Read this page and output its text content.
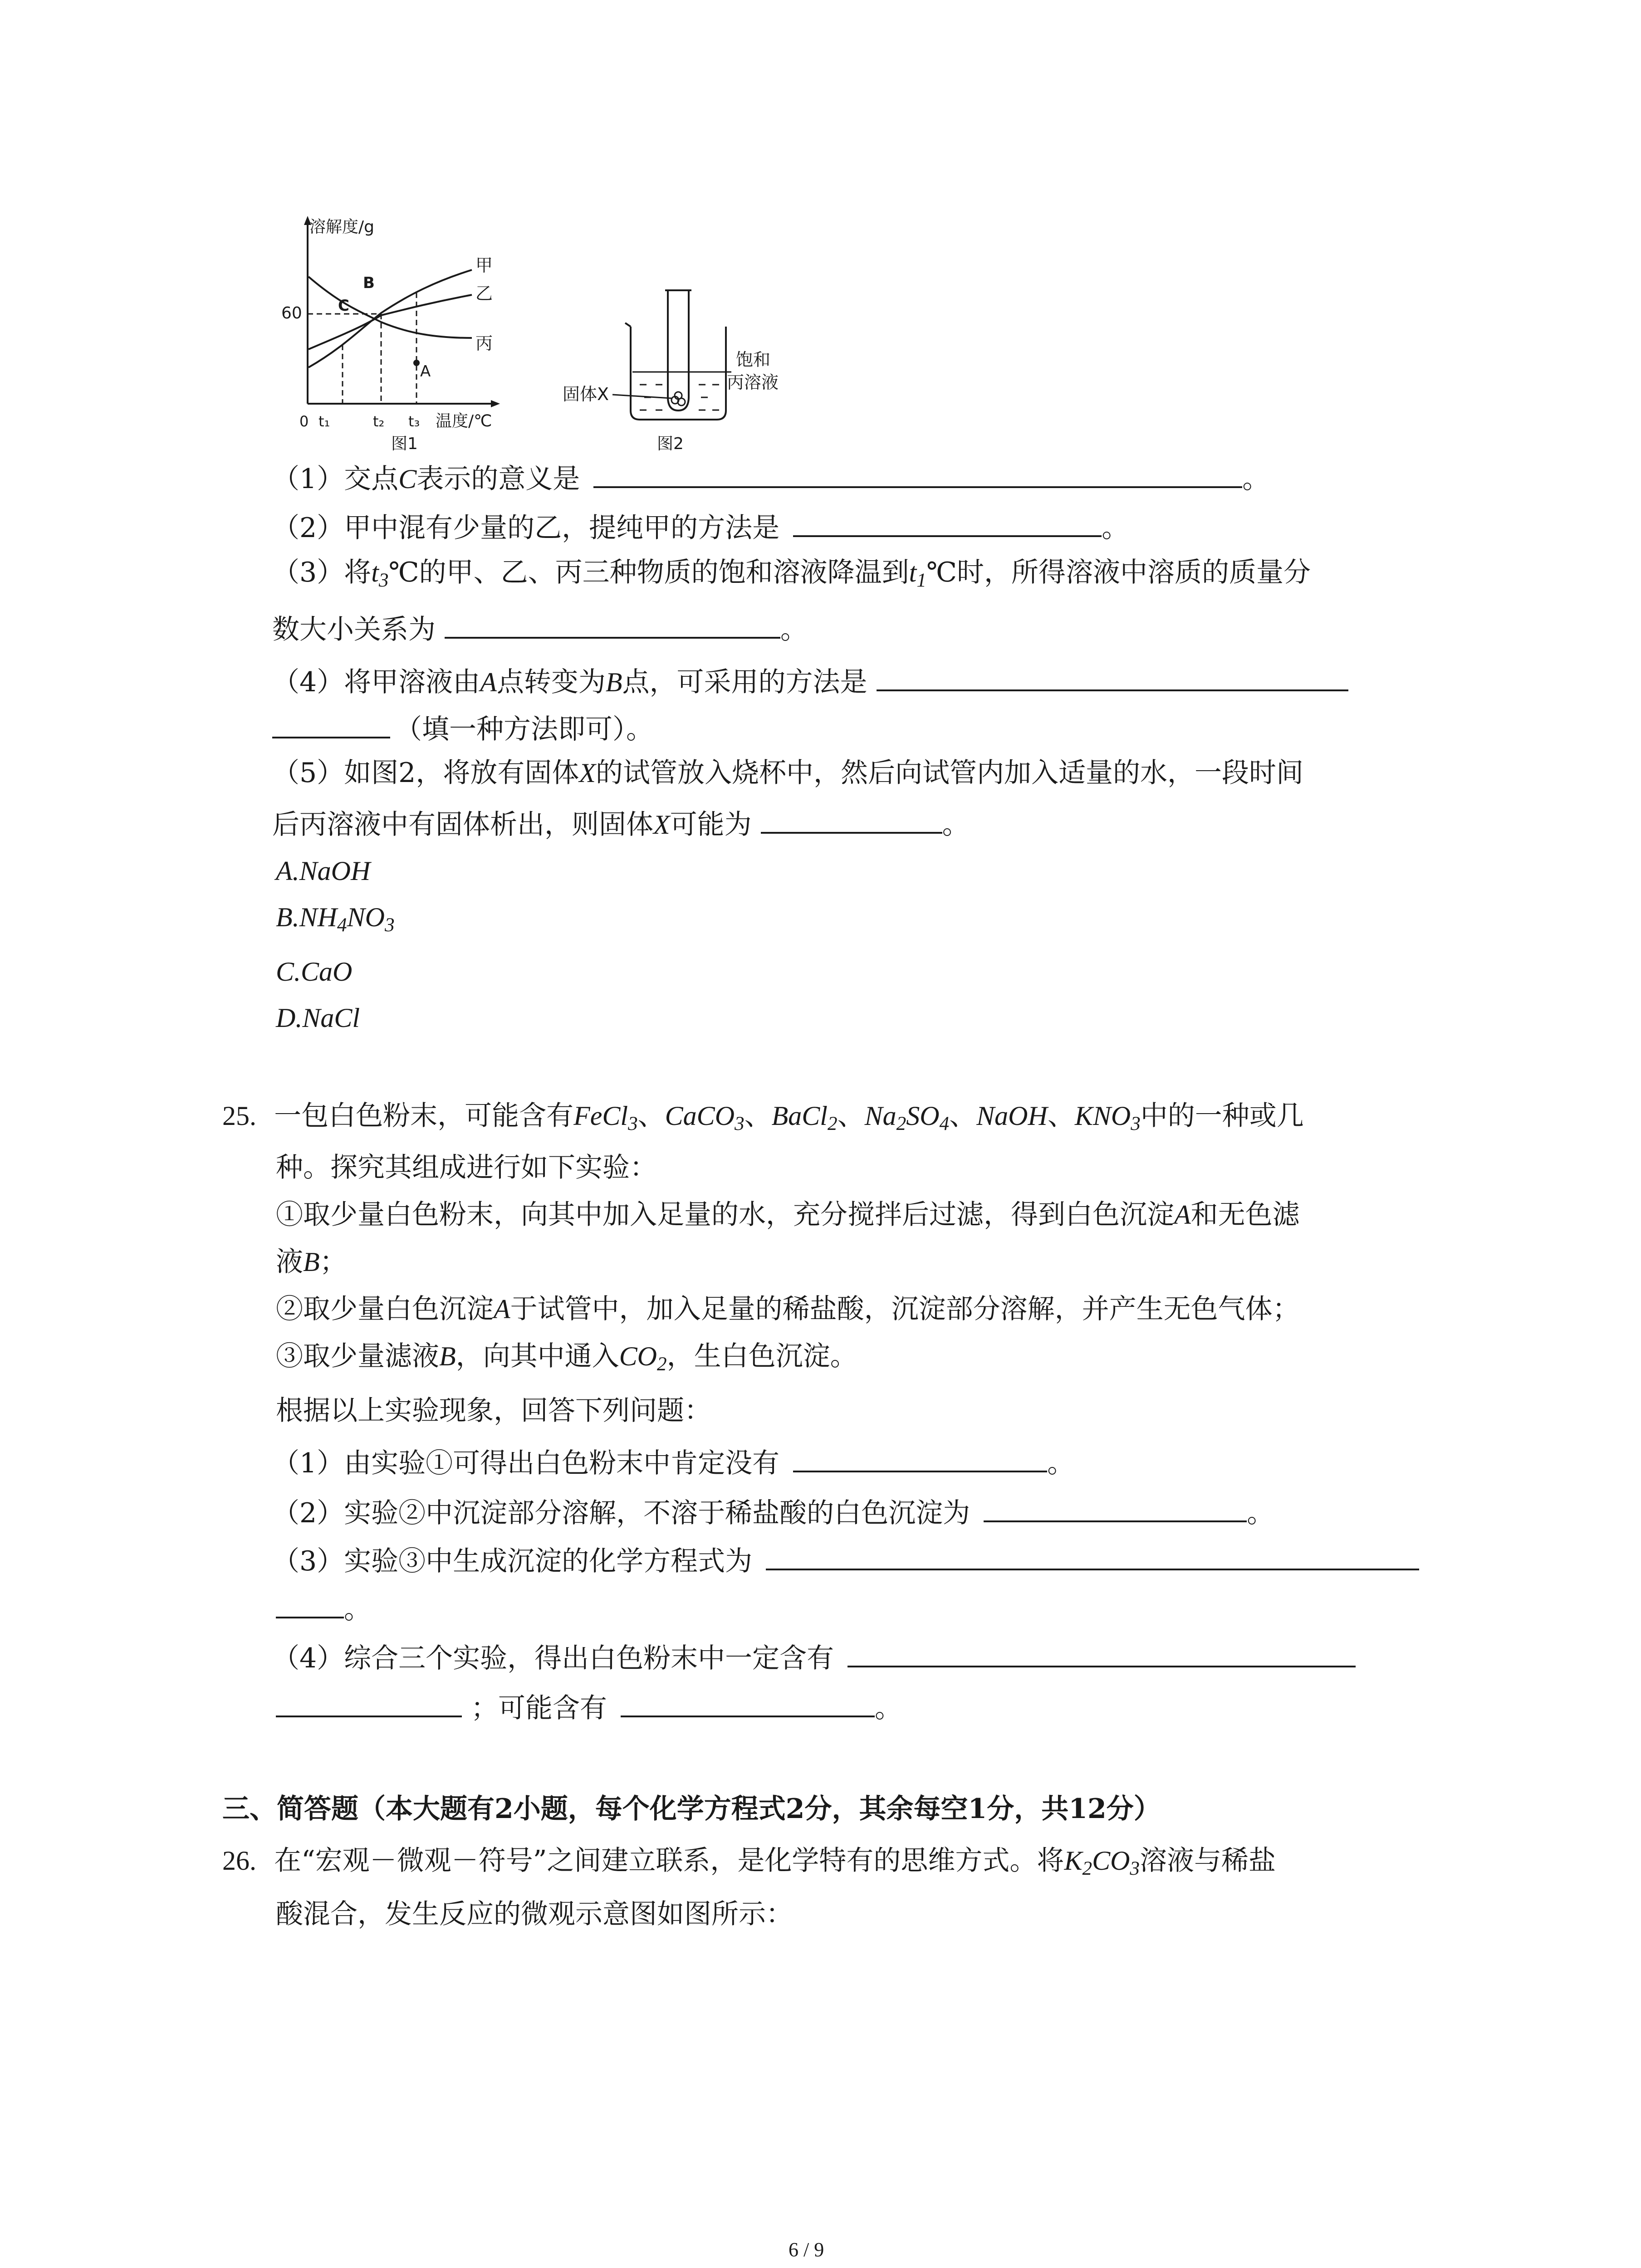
溶解度/g
60
甲
乙
丙
B
C
A
0 t₁	t₂ t₃ 温度/℃
图1
固体X
饱和
丙溶液
图2
（1）交点C表示的意义是	。
（2）甲中混有少量的乙，提纯甲的方法是	。
（3）将$t_3℃$的甲、乙、丙三种物质的饱和溶液降温到$t_1℃$时，所得溶液中溶质的质量分
数大小关系为	。
（4）将甲溶液由A点转变为B点，可采用的方法是
（填一种方法即可）。
（5）如图2，将放有固体X的试管放入烧杯中，然后向试管内加入适量的水，一段时间
后丙溶液中有固体析出，则固体X可能为	。
A.NaOH
$B.NH_4NO_3$
C.CaO
D.NaCl
25. 一包白色粉末，可能含有FeCl$_3$、CaCO$_3$、BaCl$_2$、$Na_2SO_4$、NaOH、$KNO_3$中的一种或几
种。探究其组成进行如下实验：
①取少量白色粉末，向其中加入足量的水，充分搅拌后过滤，得到白色沉淀A和无色滤
液B；
②取少量白色沉淀A于试管中，加入足量的稀盐酸，沉淀部分溶解，并产生无色气体；
③取少量滤液B，向其中通入$CO_2$，生白色沉淀。
根据以上实验现象，回答下列问题：
（1）由实验①可得出白色粉末中肯定没有	。
（2）实验②中沉淀部分溶解，不溶于稀盐酸的白色沉淀为	。
（3）实验③中生成沉淀的化学方程式为
。
（4）综合三个实验，得出白色粉末中一定含有
；可能含有	。
三、简答题（本大题有2小题，每个化学方程式2分，其余每空1分，共12分）
26. 在“宏观－微观－符号”之间建立联系，是化学特有的思维方式。将$K_2CO_3$溶液与稀盐
酸混合，发生反应的微观示意图如图所示：
6 / 9
